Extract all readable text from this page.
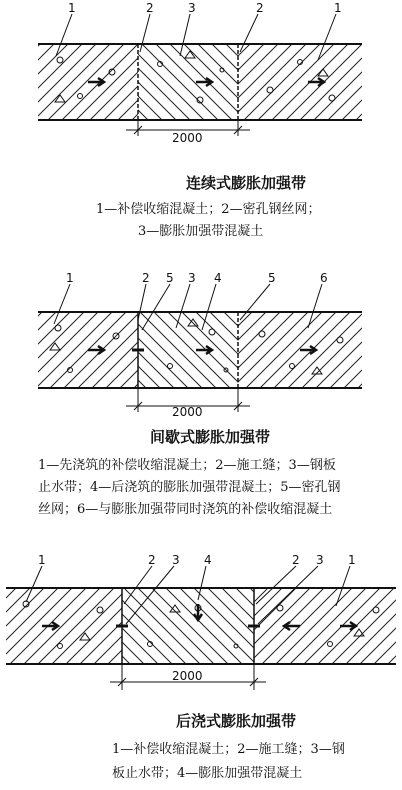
1	2	3	2	1
2000
连续式膨胀加强带
1—补偿收缩混凝土；2—密孔钢丝网；
3—膨胀加强带混凝土
1	2 5 3 4	5	6
2000
间歇式膨胀加强带
1—先浇筑的补偿收缩混凝土；2—施工缝；3—钢板
止水带；4—后浇筑的膨胀加强带混凝土；5—密孔钢
丝网；6—与膨胀加强带同时浇筑的补偿收缩混凝土
1	2 3 4	2 3 1
2000
后浇式膨胀加强带
1—补偿收缩混凝土；2—施工缝；3—钢
板止水带；4—膨胀加强带混凝土
